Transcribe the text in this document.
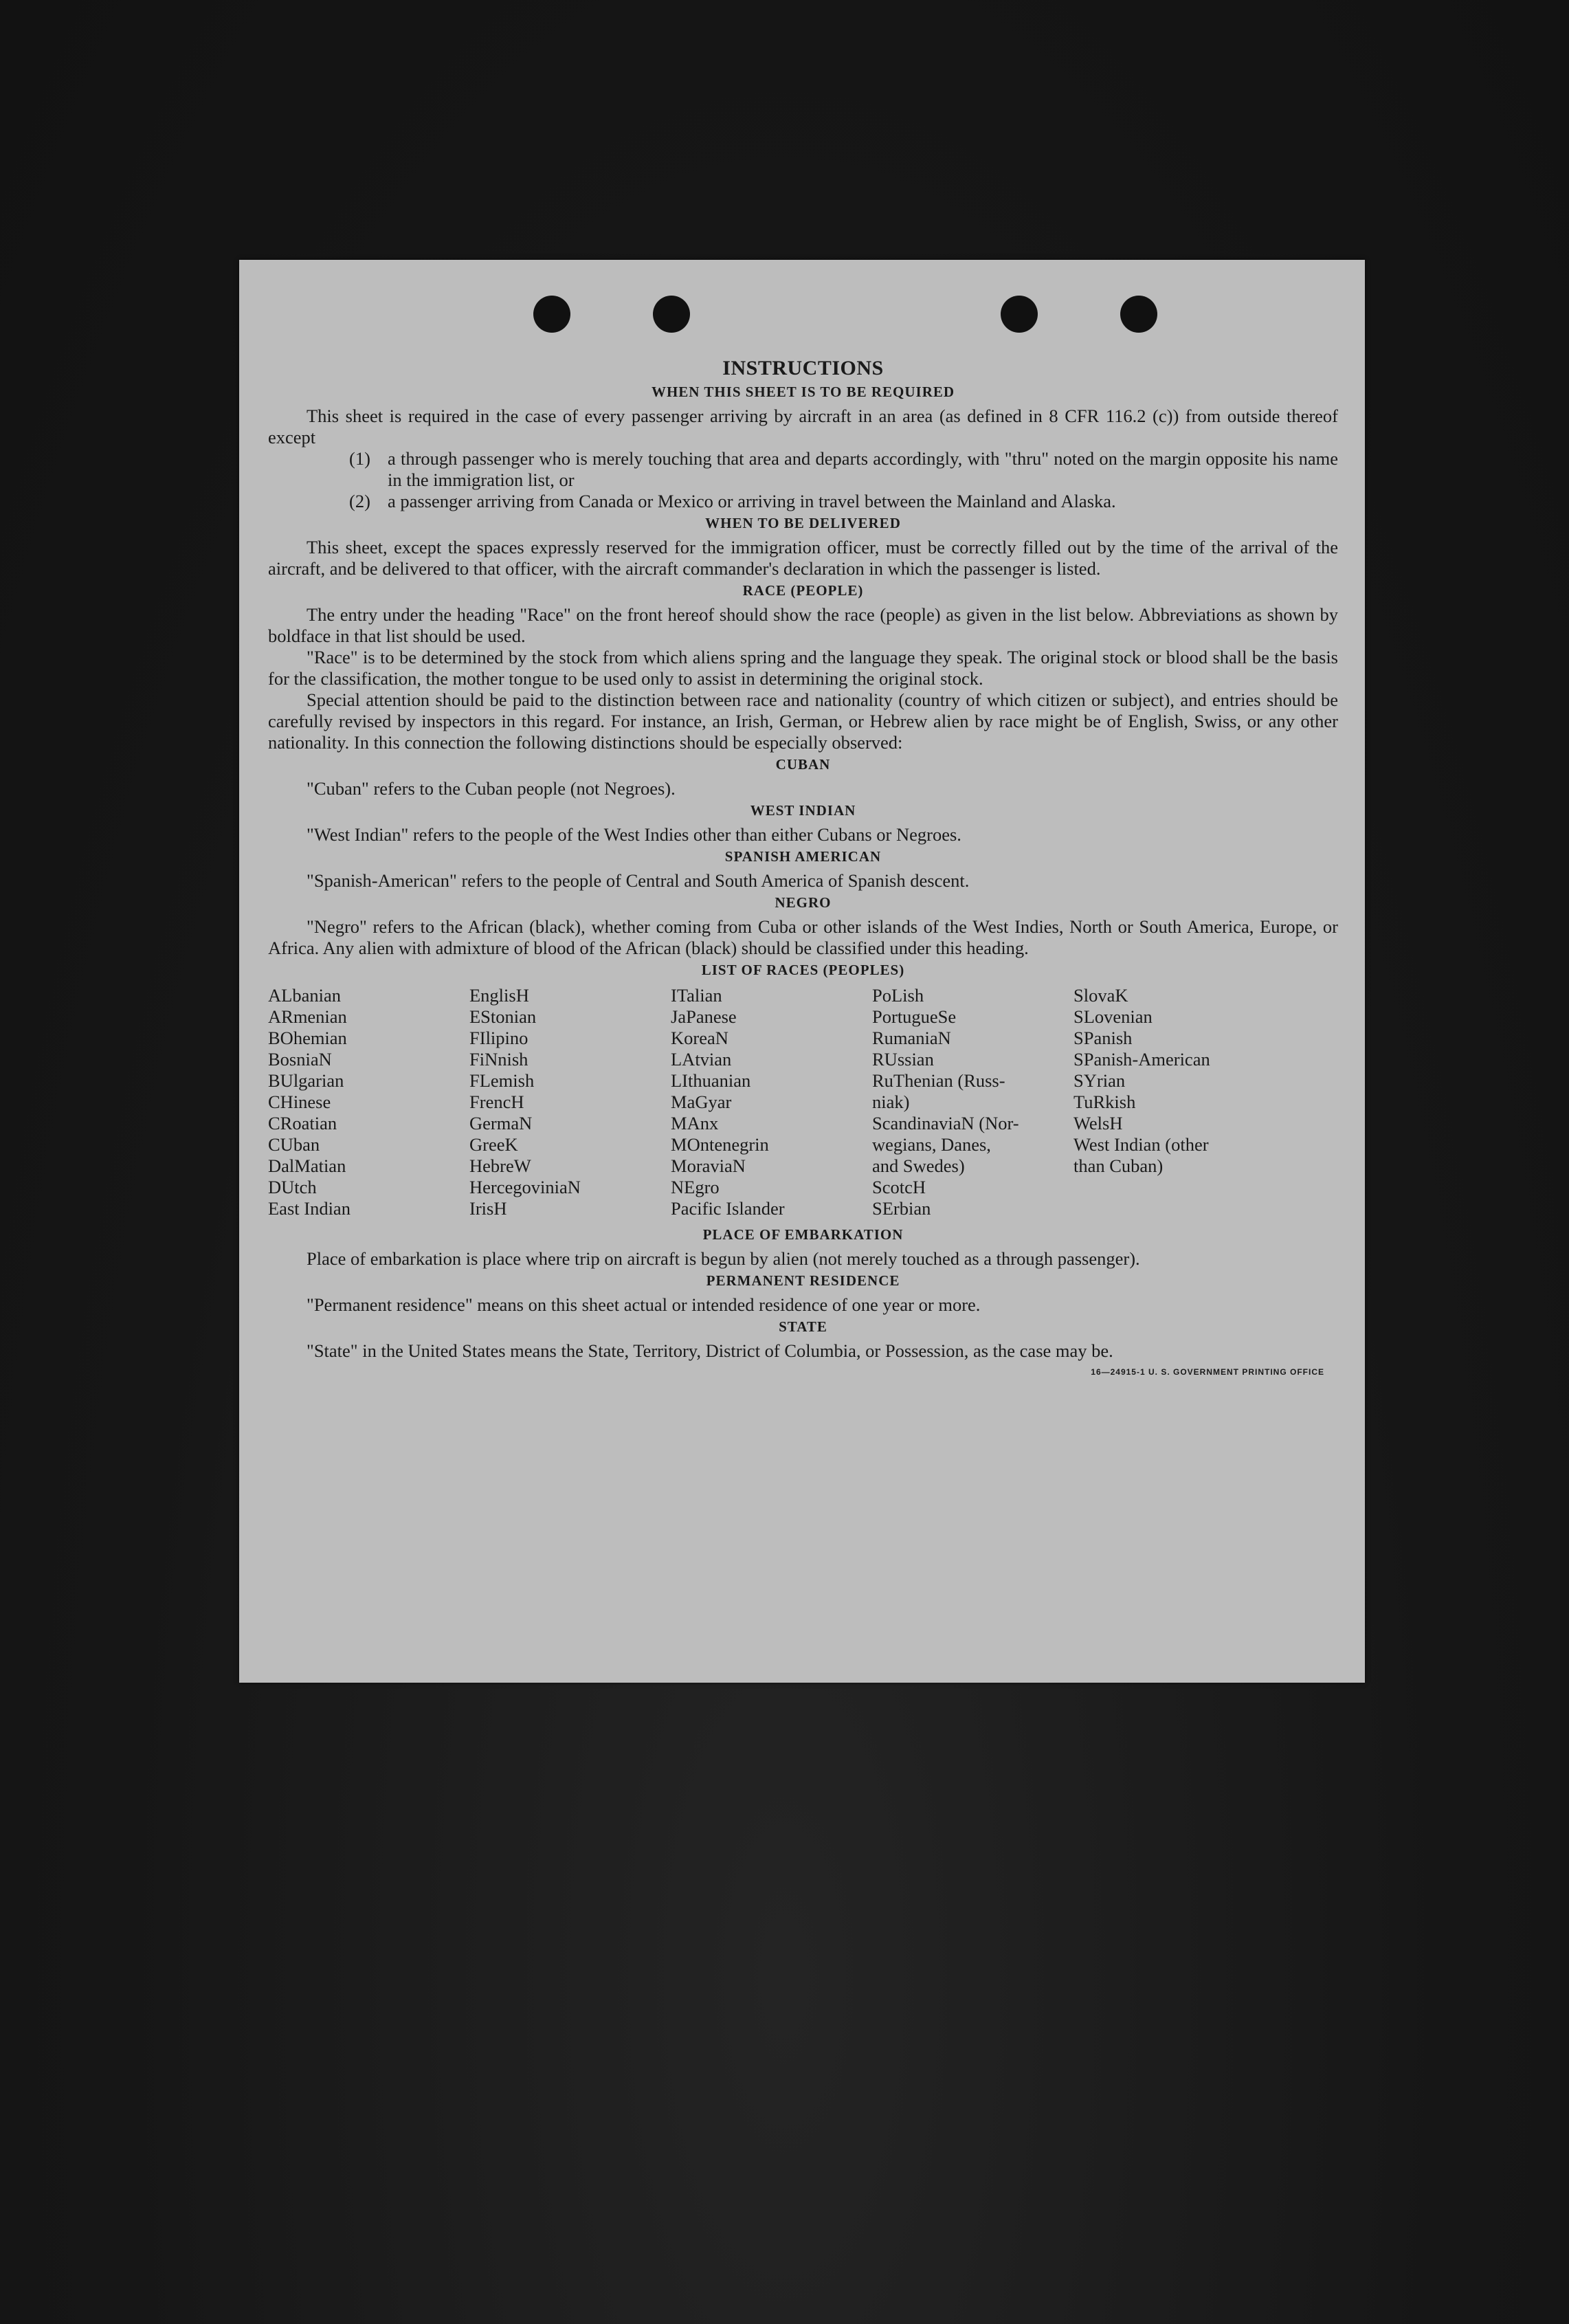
INSTRUCTIONS
WHEN THIS SHEET IS TO BE REQUIRED

This sheet is required in the case of every passenger arriving by aircraft in an area (as defined in 8 CFR 116.2 (c)) from outside thereof except

(1) a through passenger who is merely touching that area and departs accordingly, with "thru" noted on the margin opposite his name in the immigration list, or
(2) a passenger arriving from Canada or Mexico or arriving in travel between the Mainland and Alaska.
WHEN TO BE DELIVERED

This sheet, except the spaces expressly reserved for the immigration officer, must be correctly filled out by the time of the arrival of the aircraft, and be delivered to that officer, with the aircraft commander's declaration in which the passenger is listed.

RACE (PEOPLE)

The entry under the heading "Race" on the front hereof should show the race (people) as given in the list below. Abbreviations as shown by boldface in that list should be used.

"Race" is to be determined by the stock from which aliens spring and the language they speak. The original stock or blood shall be the basis for the classification, the mother tongue to be used only to assist in determining the original stock.

Special attention should be paid to the distinction between race and nationality (country of which citizen or subject), and entries should be carefully revised by inspectors in this regard. For instance, an Irish, German, or Hebrew alien by race might be of English, Swiss, or any other nationality. In this connection the following distinctions should be especially observed:

CUBAN

"Cuban" refers to the Cuban people (not Negroes).

WEST INDIAN

"West Indian" refers to the people of the West Indies other than either Cubans or Negroes.

SPANISH AMERICAN

"Spanish-American" refers to the people of Central and South America of Spanish descent.

NEGRO

"Negro" refers to the African (black), whether coming from Cuba or other islands of the West Indies, North or South America, Europe, or Africa. Any alien with admixture of blood of the African (black) should be classified under this heading.

LIST OF RACES (PEOPLES)
ALbanian	EnglisH	ITalian	PoLish	SlovaK
ARmenian	EStonian	JaPanese	PortugueSe	SLovenian
BOhemian	FIlipino	KoreaN	RumaniaN	SPanish
BosniaN	FiNnish	LAtvian	RUssian	SPanish-American
BUlgarian	FLemish	LIthuanian	RuThenian (Russ-	SYrian
CHinese	FrencH	MaGyar	niak)	TuRkish
CRoatian	GermaN	MAnx	ScandinaviaN (Nor-	WelsH
CUban	GreeK	MOntenegrin	wegians, Danes,	West Indian (other
DalMatian	HebreW	MoraviaN	and Swedes)	than Cuban)
DUtch	HercegoviniaN	NEgro	ScotcH
East Indian	IrisH	Pacific Islander	SErbian
PLACE OF EMBARKATION

Place of embarkation is place where trip on aircraft is begun by alien (not merely touched as a through passenger).

PERMANENT RESIDENCE

"Permanent residence" means on this sheet actual or intended residence of one year or more.

STATE

"State" in the United States means the State, Territory, District of Columbia, or Possession, as the case may be.

16—24915-1 U. S. GOVERNMENT PRINTING OFFICE
